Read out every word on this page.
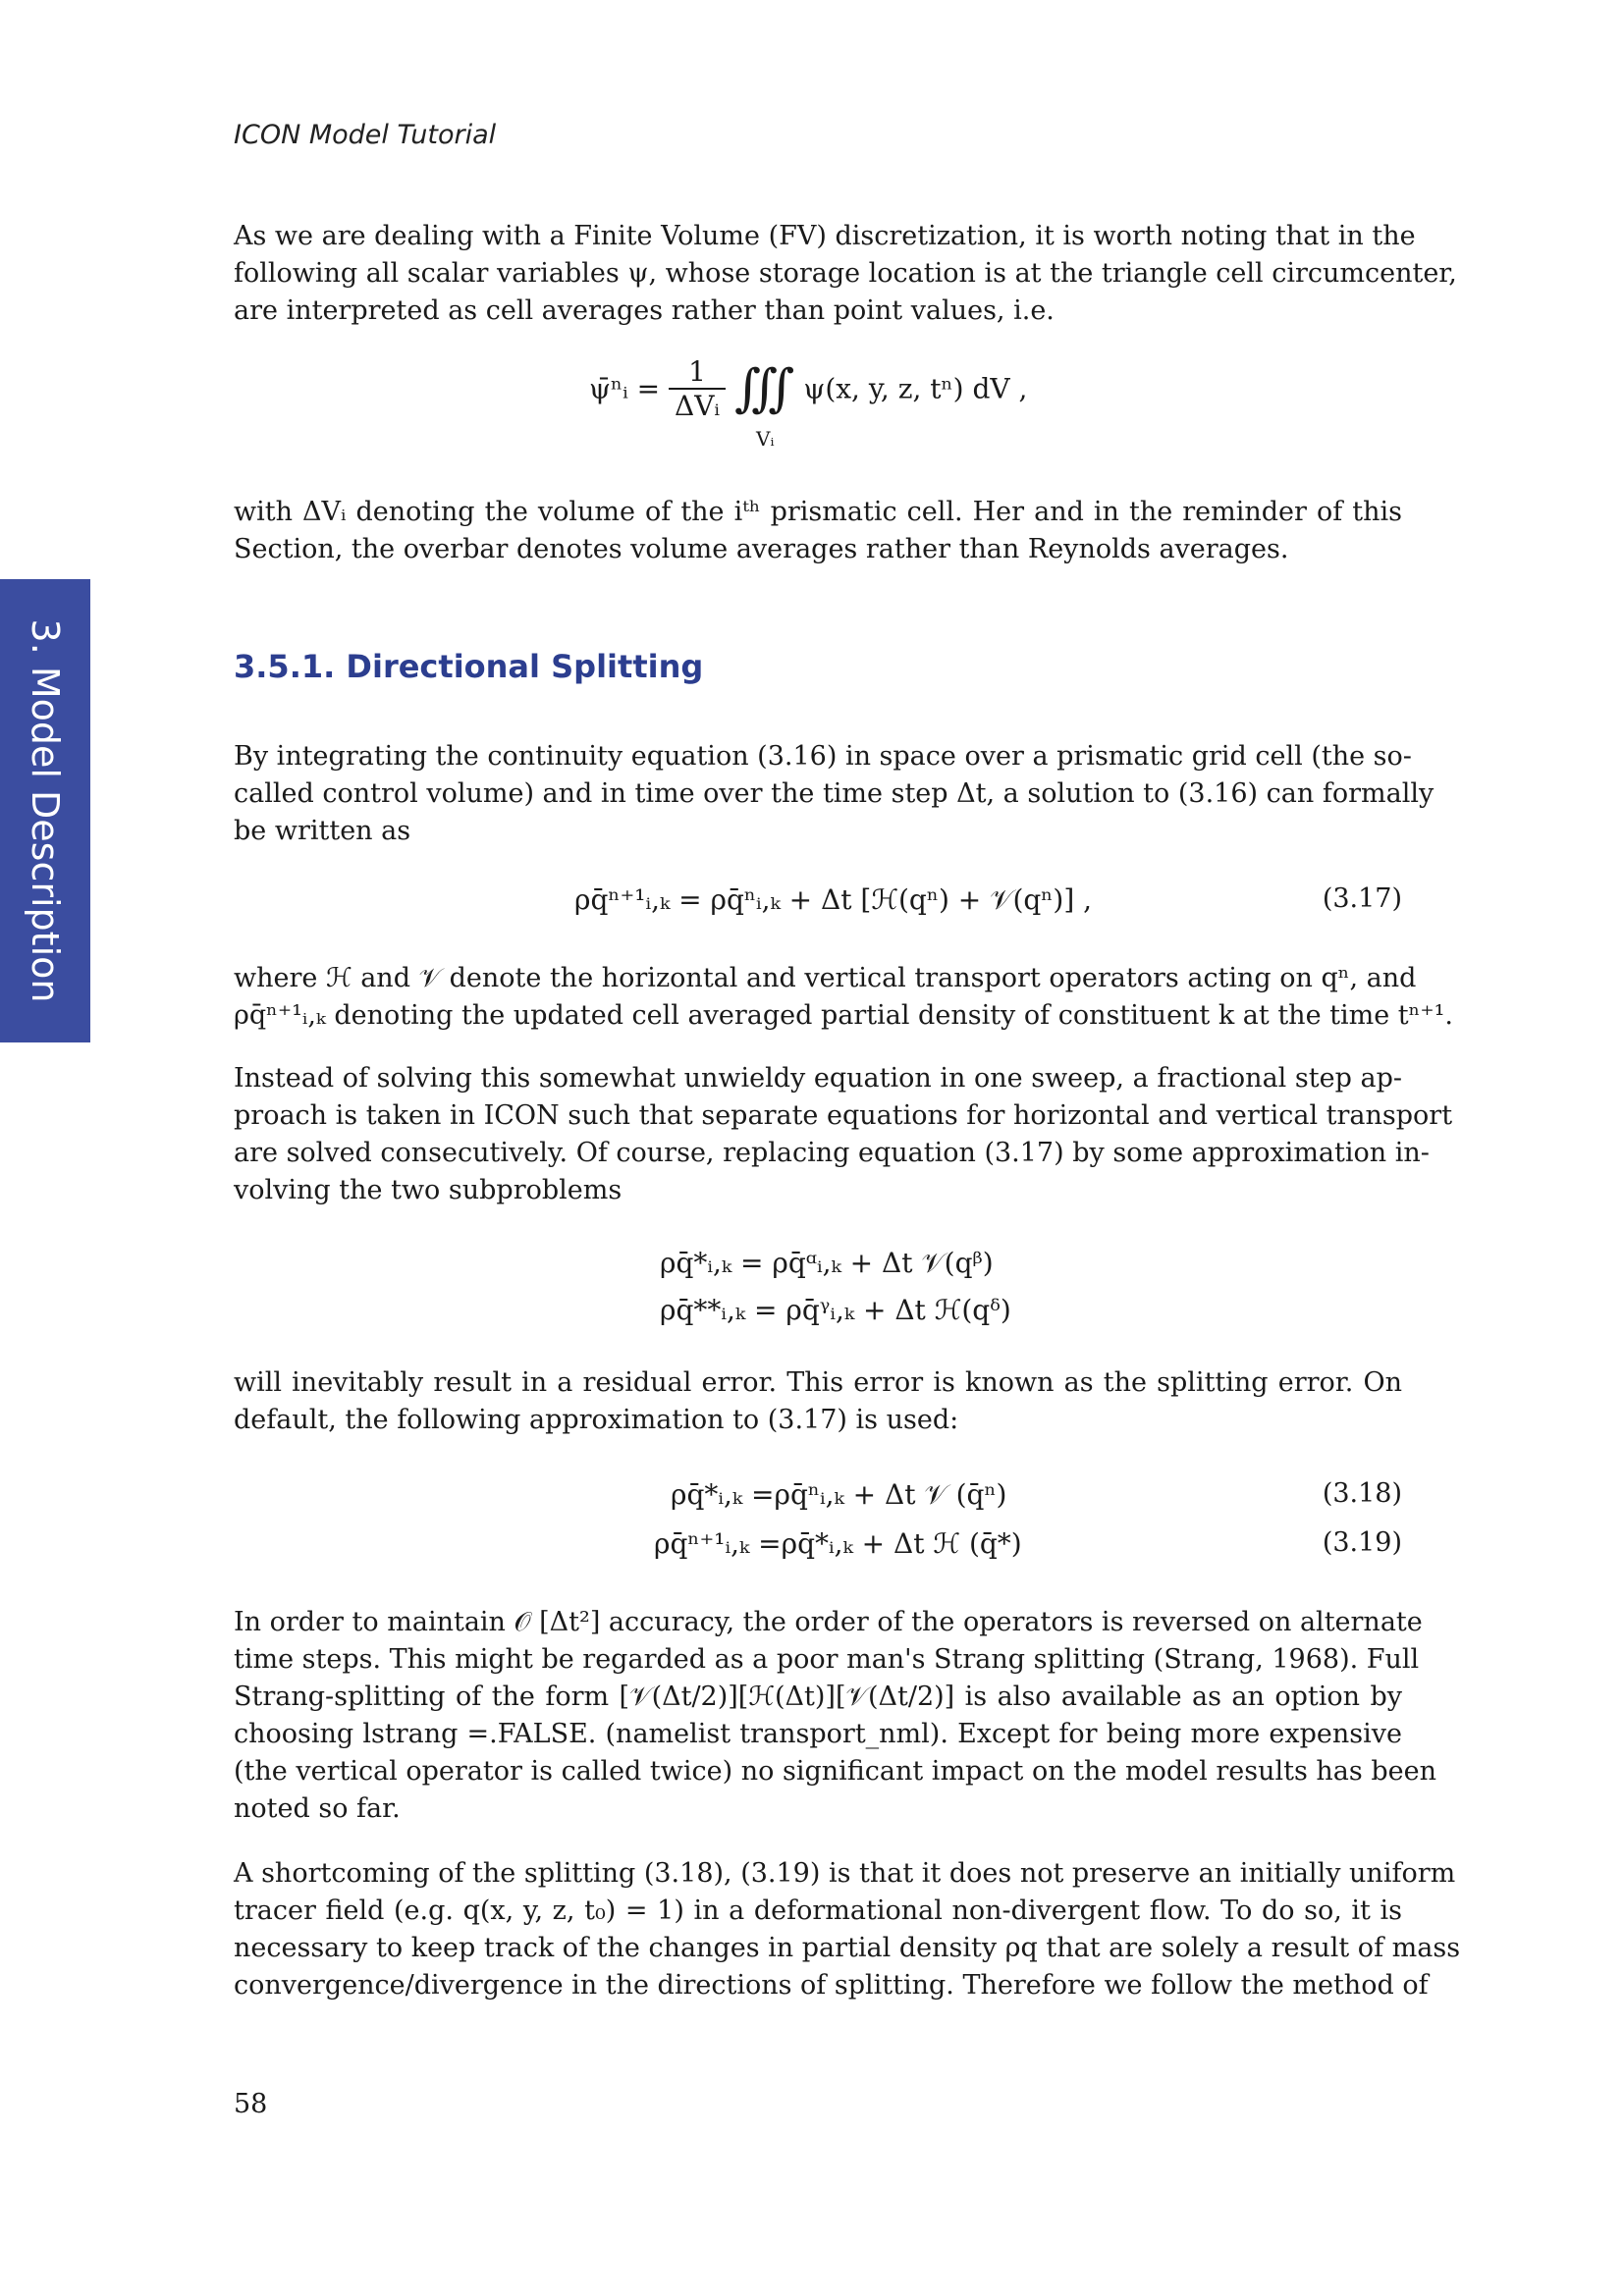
ICON Model Tutorial
3. Model Description

As we are dealing with a Finite Volume (FV) discretization, it is worth noting that in the
following all scalar variables ψ, whose storage location is at the triangle cell circumcenter,
are interpreted as cell averages rather than point values, i.e.

ψ̄ⁿᵢ = $\frac{1}{\text{ΔVᵢ}}$ ∭ ψ(x, y, z, tⁿ) dV ,
Vᵢ

with ΔVᵢ denoting the volume of the iᵗʰ prismatic cell. Her and in the reminder of this
Section, the overbar denotes volume averages rather than Reynolds averages.

3.5.1. Directional Splitting

By integrating the continuity equation (3.16) in space over a prismatic grid cell (the so-
called control volume) and in time over the time step Δt, a solution to (3.16) can formally
be written as

ρq̄ⁿ⁺¹ᵢ,ₖ = ρq̄ⁿᵢ,ₖ + Δt [ℋ(qⁿ) + 𝒱(qⁿ)] ,	(3.17)

where ℋ and 𝒱 denote the horizontal and vertical transport operators acting on qⁿ, and
ρq̄ⁿ⁺¹ᵢ,ₖ denoting the updated cell averaged partial density of constituent k at the time tⁿ⁺¹.

Instead of solving this somewhat unwieldy equation in one sweep, a fractional step ap-
proach is taken in ICON such that separate equations for horizontal and vertical transport
are solved consecutively. Of course, replacing equation (3.17) by some approximation in-
volving the two subproblems

ρq̄*ᵢ,ₖ = ρq̄ᵅᵢ,ₖ + Δt 𝒱(qᵝ)
ρq̄**ᵢ,ₖ = ρq̄ᵞᵢ,ₖ + Δt ℋ(qᵟ)

will inevitably result in a residual error. This error is known as the splitting error. On
default, the following approximation to (3.17) is used:

ρq̄*ᵢ,ₖ =ρq̄ⁿᵢ,ₖ + Δt 𝒱 (q̄ⁿ)	(3.18)
ρq̄ⁿ⁺¹ᵢ,ₖ =ρq̄*ᵢ,ₖ + Δt ℋ (q̄*)	(3.19)

In order to maintain 𝒪 [Δt²] accuracy, the order of the operators is reversed on alternate
time steps. This might be regarded as a poor man's Strang splitting (Strang, 1968). Full
Strang-splitting of the form [𝒱(Δt/2)][ℋ(Δt)][𝒱(Δt/2)] is also available as an option by
choosing lstrang =.FALSE. (namelist transport_nml). Except for being more expensive
(the vertical operator is called twice) no significant impact on the model results has been
noted so far.

A shortcoming of the splitting (3.18), (3.19) is that it does not preserve an initially uniform
tracer field (e.g. q(x, y, z, t₀) = 1) in a deformational non-divergent flow. To do so, it is
necessary to keep track of the changes in partial density ρq that are solely a result of mass
convergence/divergence in the directions of splitting. Therefore we follow the method of

58
